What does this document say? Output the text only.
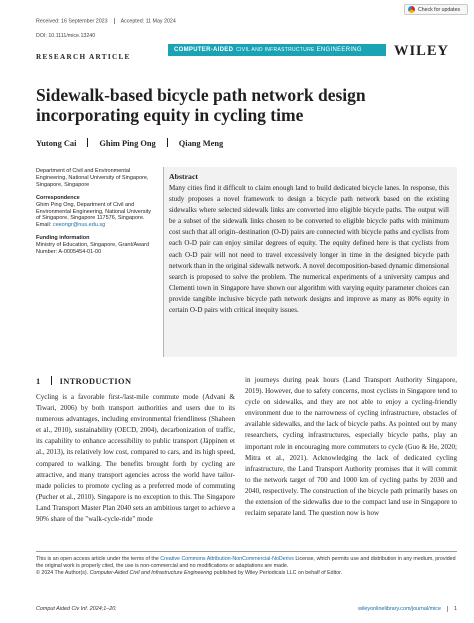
Received: 16 September 2023 Accepted: 11 May 2024
DOI: 10.1111/mice.13240
Check for updates
RESEARCH ARTICLE
COMPUTER-AIDED CIVIL AND INFRASTRUCTURE
ENGINEERING WILEY
Sidewalk-based bicycle path network design incorporating equity in cycling time
Yutong Cai	Ghim Ping Ong	Qiang Meng
Department of Civil and Environmental Engineering, National University of Singapore, Singapore, Singapore
Correspondence
Ghim Ping Ong, Department of Civil and Environmental Engineering, National University of Singapore, Singapore 117576, Singapore.
Email: ceeongr@nus.edu.sg
Funding information
Ministry of Education, Singapore, Grant/Award Number: A-0005454-01-00
Abstract
Many cities find it difficult to claim enough land to build dedicated bicycle lanes. In response, this study proposes a novel framework to design a bicycle path network based on the existing sidewalks where selected sidewalk links are converted into eligible bicycle paths. The output will be a subset of the sidewalk links chosen to be converted to eligible bicycle paths with minimum cost such that all origin–destination (O-D) pairs are connected with bicycle paths and cyclists from each O-D pair can enjoy similar degrees of equity. The equity defined here is that cyclists from each O-D pair will not need to travel excessively longer in time in the designed bicycle path network than in the original sidewalk network. A novel decomposition-based dynamic dimensional search is proposed to solve the problem. The numerical experiments of a university campus and Clementi town in Singapore have shown our algorithm with varying equity parameter choices can provide tangible inclusive bicycle path network designs and improve as many as 80% equity in certain O-D pairs with critical inequity issues.
1 INTRODUCTION
Cycling is a favorable first-/last-mile commute mode (Advani & Tiwari, 2006) by both transport authorities and users due to its numerous advantages, including environmental friendliness (Shaheen et al., 2010), sustainability (OECD, 2004), decarbonization of traffic, its capability to enhance accessibility to public transport (Jäppinen et al., 2013), its relatively low cost, compared to cars, and its high speed, compared to walking. The benefits brought forth by cycling are attractive, and many transport agencies across the world have tailor-made policies to promote cycling as a preferred mode of commuting (Pucher et al., 2010). Singapore is no exception to this. The Singapore Land Transport Master Plan 2040 sets an ambitious target to achieve a 90% share of the "walk-cycle-ride" mode
in journeys during peak hours (Land Transport Authority Singapore, 2019). However, due to safety concerns, most cyclists in Singapore tend to cycle on sidewalks, and they are not able to enjoy a cycling-friendly environment due to the narrowness of cycling infrastructure, obstacles of available sidewalks, and the lack of bicycle paths. As pointed out by many researchers, cycling infrastructures, especially bicycle paths, play an important role in encouraging more commuters to cycle (Guo & He, 2020; Mitra et al., 2021). Acknowledging the lack of dedicated cycling infrastructure, the Land Transport Authority promises that it will commit to the network target of 700 and 1000 km of cycling paths by 2030 and 2040, respectively. The construction of the bicycle path primarily bases on the extension of the sidewalks due to the compact land use in Singapore to reclaim separate land. The question now is how
This is an open access article under the terms of the Creative Commons Attribution-NonCommercial-NoDerivs License, which permits use and distribution in any medium, provided the original work is properly cited, the use is non-commercial and no modifications or adaptations are made.
© 2024 The Author(s). Computer-Aided Civil and Infrastructure Engineering published by Wiley Periodicals LLC on behalf of Editor.
Comput Aided Civ Inf. 2024;1–20.	wileyonlinelibrary.com/journal/mice 1
